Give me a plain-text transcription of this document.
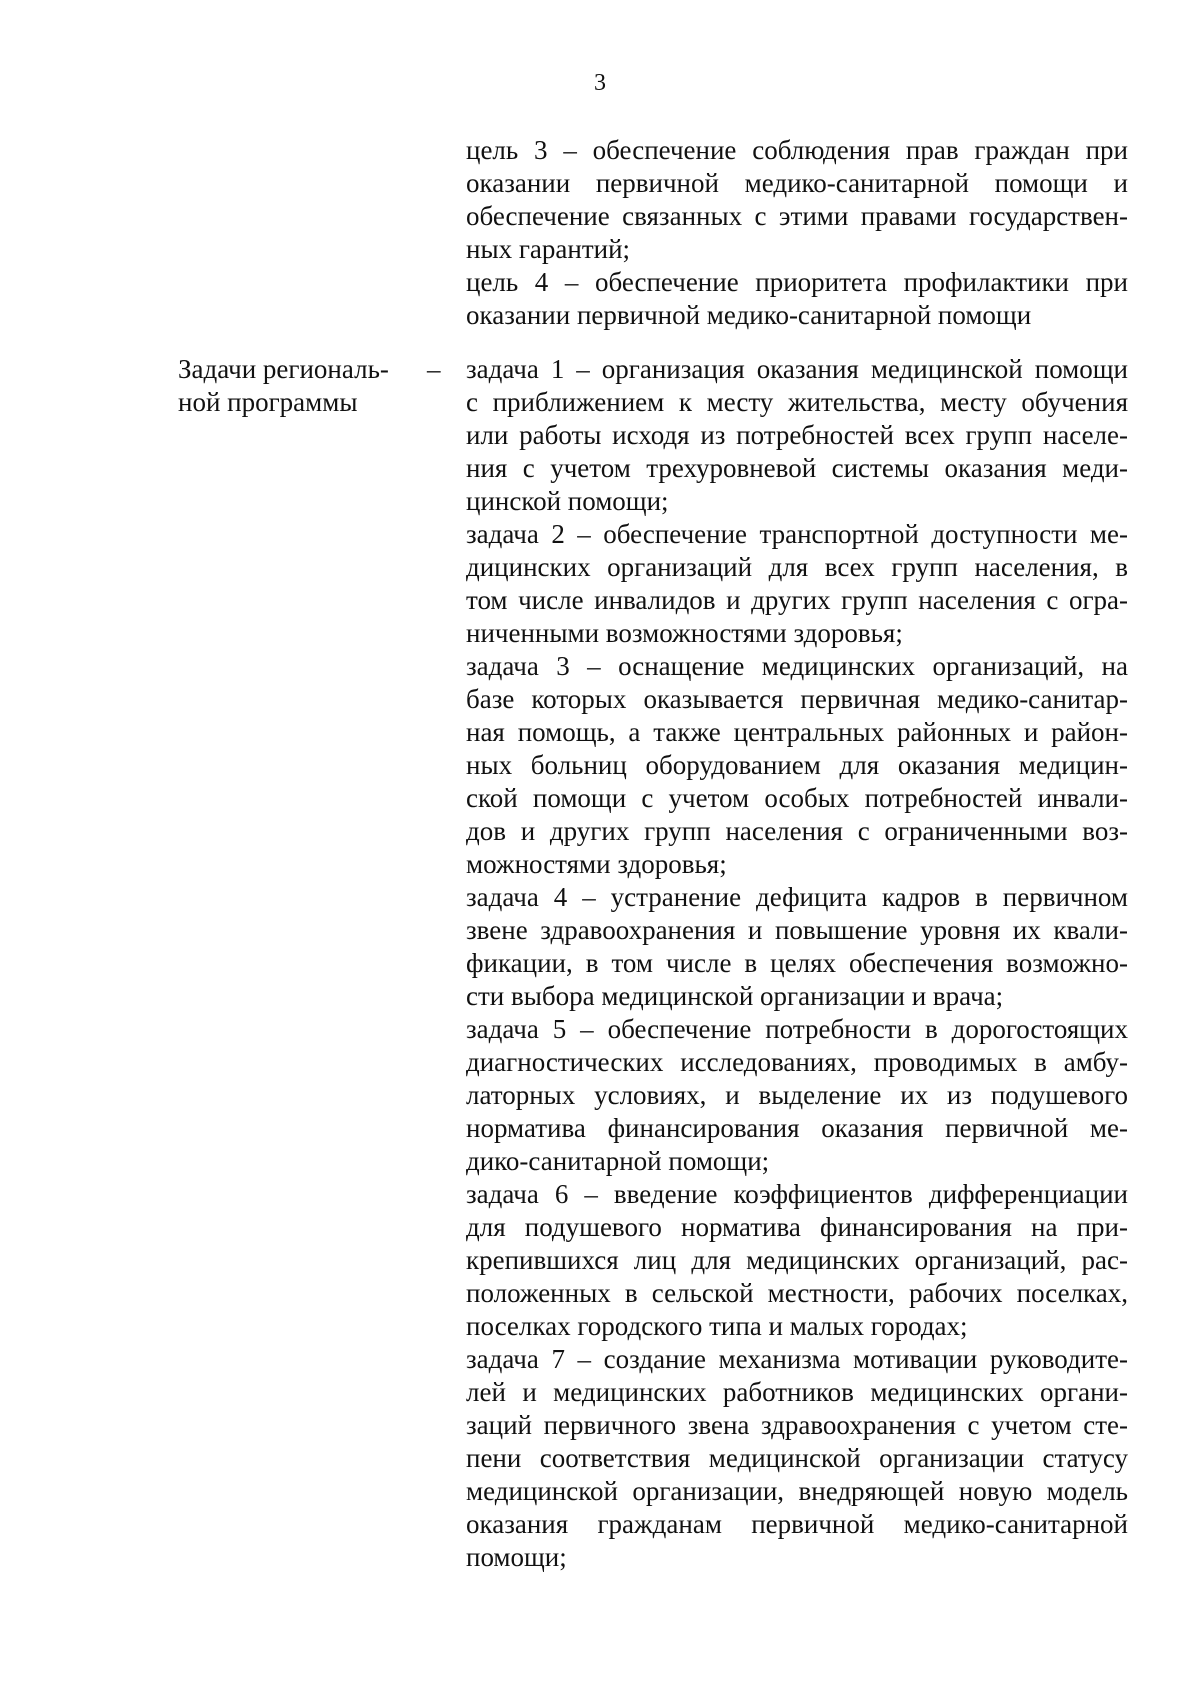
3
цель 3 – обеспечение соблюдения прав граждан при
оказании первичной медико-санитарной помощи и
обеспечение связанных с этими правами государствен-
ных гарантий;
цель 4 – обеспечение приоритета профилактики при
оказании первичной медико-санитарной помощи
Задачи региональ-
ной программы
– задача 1 – организация оказания медицинской помощи
с приближением к месту жительства, месту обучения
или работы исходя из потребностей всех групп населе-
ния с учетом трехуровневой системы оказания меди-
цинской помощи;
задача 2 – обеспечение транспортной доступности ме-
дицинских организаций для всех групп населения, в
том числе инвалидов и других групп населения с огра-
ниченными возможностями здоровья;
задача 3 – оснащение медицинских организаций, на
базе которых оказывается первичная медико-санитар-
ная помощь, а также центральных районных и район-
ных больниц оборудованием для оказания медицин-
ской помощи с учетом особых потребностей инвали-
дов и других групп населения с ограниченными воз-
можностями здоровья;
задача 4 – устранение дефицита кадров в первичном
звене здравоохранения и повышение уровня их квали-
фикации, в том числе в целях обеспечения возможно-
сти выбора медицинской организации и врача;
задача 5 – обеспечение потребности в дорогостоящих
диагностических исследованиях, проводимых в амбу-
латорных условиях, и выделение их из подушевого
норматива финансирования оказания первичной ме-
дико-санитарной помощи;
задача 6 – введение коэффициентов дифференциации
для подушевого норматива финансирования на при-
крепившихся лиц для медицинских организаций, рас-
положенных в сельской местности, рабочих поселках,
поселках городского типа и малых городах;
задача 7 – создание механизма мотивации руководите-
лей и медицинских работников медицинских органи-
заций первичного звена здравоохранения с учетом сте-
пени соответствия медицинской организации статусу
медицинской организации, внедряющей новую модель
оказания гражданам первичной медико-санитарной
помощи;
